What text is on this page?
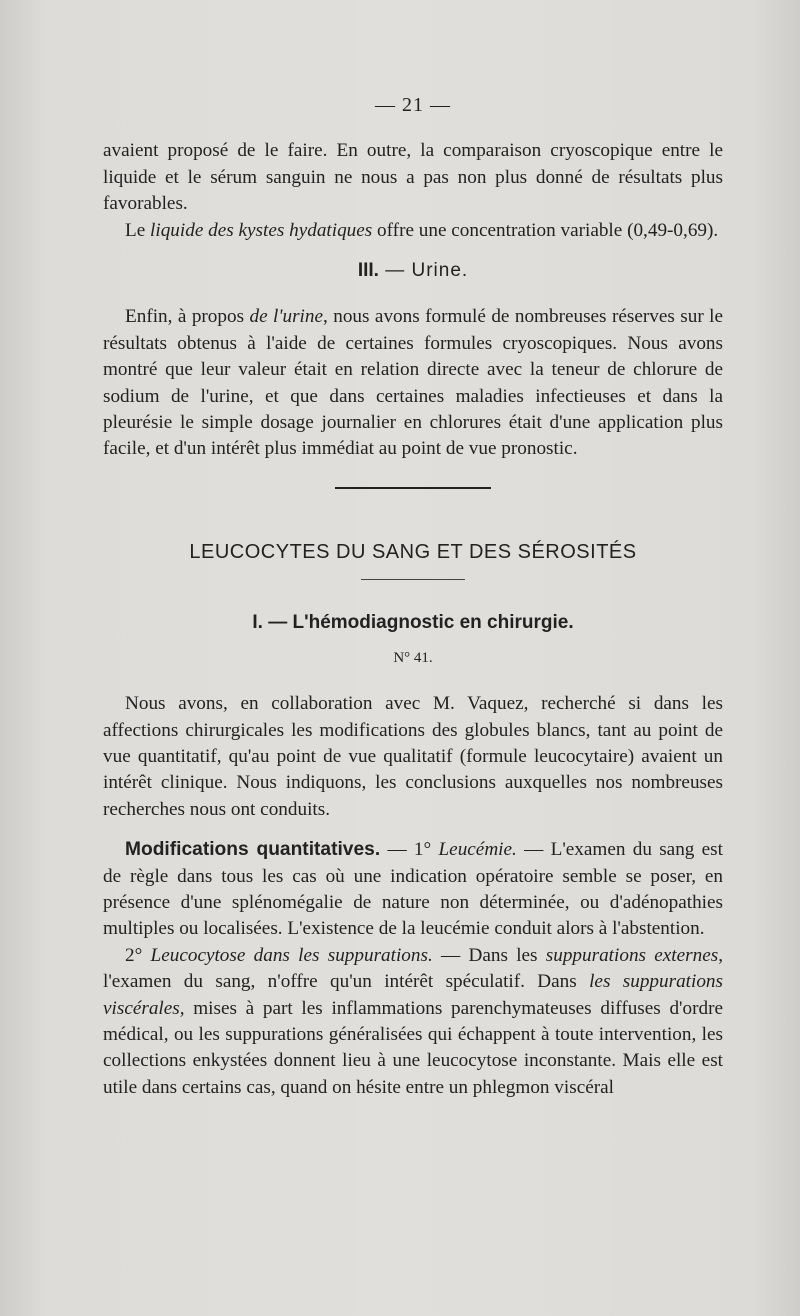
— 21 —

avaient proposé de le faire. En outre, la comparaison cryoscopique entre le liquide et le sérum sanguin ne nous a pas non plus donné de résultats plus favorables.

Le liquide des kystes hydatiques offre une concentration variable (0,49-0,69).

III. — Urine.

Enfin, à propos de l'urine, nous avons formulé de nombreuses réserves sur le résultats obtenus à l'aide de certaines formules cryoscopiques. Nous avons montré que leur valeur était en relation directe avec la teneur de chlorure de sodium de l'urine, et que dans certaines maladies infectieuses et dans la pleurésie le simple dosage journalier en chlorures était d'une application plus facile, et d'un intérêt plus immédiat au point de vue pronostic.

LEUCOCYTES DU SANG ET DES SÉROSITÉS
I. — L'hémodiagnostic en chirurgie.
N° 41.

Nous avons, en collaboration avec M. Vaquez, recherché si dans les affections chirurgicales les modifications des globules blancs, tant au point de vue quantitatif, qu'au point de vue qualitatif (formule leucocytaire) avaient un intérêt clinique. Nous indiquons, les conclusions auxquelles nos nombreuses recherches nous ont conduits.

Modifications quantitatives. — 1° Leucémie. — L'examen du sang est de règle dans tous les cas où une indication opératoire semble se poser, en présence d'une splénomégalie de nature non déterminée, ou d'adénopathies multiples ou localisées. L'existence de la leucémie conduit alors à l'abstention.

2° Leucocytose dans les suppurations. — Dans les suppurations externes, l'examen du sang, n'offre qu'un intérêt spéculatif. Dans les suppurations viscérales, mises à part les inflammations parenchymateuses diffuses d'ordre médical, ou les suppurations généralisées qui échappent à toute intervention, les collections enkystées donnent lieu à une leucocytose inconstante. Mais elle est utile dans certains cas, quand on hésite entre un phlegmon viscéral
